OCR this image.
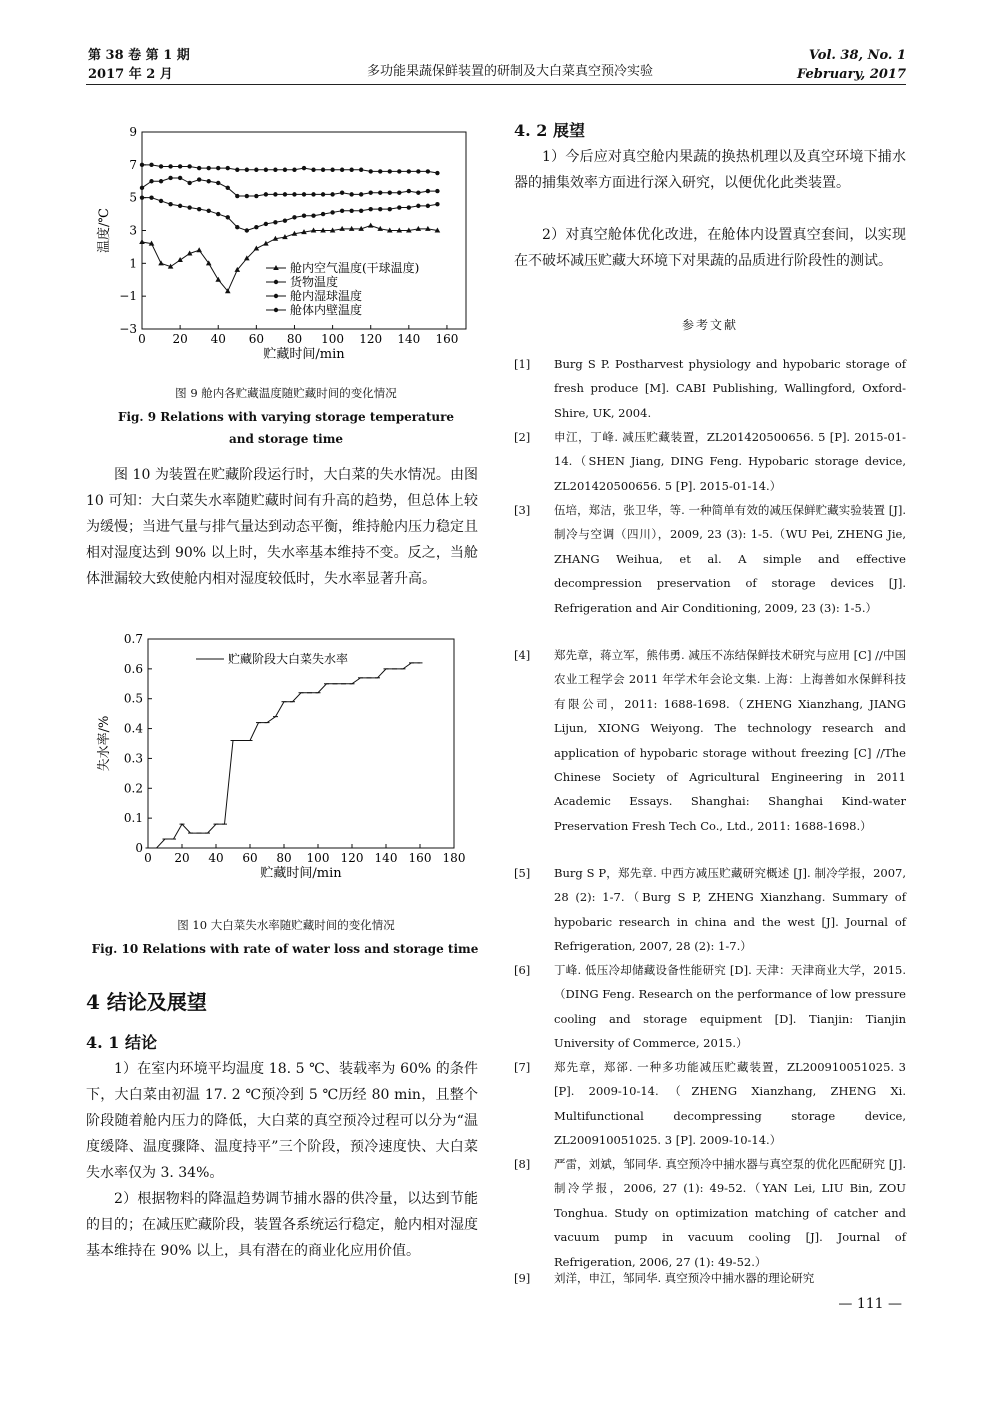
第 38 卷 第 1 期
2017 年 2 月	多功能果蔬保鲜装置的研制及大白菜真空预冷实验
Vol. 38, No. 1
February, 2017
0 20 40 60 80 100 120 140 160
9
7
5
3
1
−1
−3
贮藏时间/min
温度/℃
舱内空气温度(干球温度)
货物温度
舱内湿球温度
舱体内壁温度
图 9 舱内各贮藏温度随贮藏时间的变化情况
Fig. 9 Relations with varying storage temperature
and storage time

图 10 为装置在贮藏阶段运行时，大白菜的失水情况。由图 10 可知：大白菜失水率随贮藏时间有升高的趋势，但总体上较为缓慢；当进气量与排气量达到动态平衡，维持舱内压力稳定且相对湿度达到 90% 以上时，失水率基本维持不变。反之，当舱体泄漏较大致使舱内相对湿度较低时，失水率显著升高。

0 20 40 60 80 100 120 140 160 180
0.7
0.6
0.5
0.4
0.3
0.2
0.1
0
贮藏时间/min
失水率/%
贮藏阶段大白菜失水率
图 10 大白菜失水率随贮藏时间的变化情况
Fig. 10 Relations with rate of water loss and storage time
4 结论及展望
4. 1 结论

1）在室内环境平均温度 18. 5 ℃、装载率为 60% 的条件下，大白菜由初温 17. 2 ℃预冷到 5 ℃历经 80 min，且整个阶段随着舱内压力的降低，大白菜的真空预冷过程可以分为“温度缓降、温度骤降、温度持平”三个阶段，预冷速度快、大白菜失水率仅为 3. 34%。

2）根据物料的降温趋势调节捕水器的供冷量，以达到节能的目的；在减压贮藏阶段，装置各系统运行稳定，舱内相对湿度基本维持在 90% 以上，具有潜在的商业化应用价值。

4. 2 展望

1）今后应对真空舱内果蔬的换热机理以及真空环境下捕水器的捕集效率方面进行深入研究，以便优化此类装置。

2）对真空舱体优化改进，在舱体内设置真空套间，以实现在不破坏减压贮藏大环境下对果蔬的品质进行阶段性的测试。

参考文献
[1] Burg S P. Postharvest physiology and hypobaric storage of fresh produce [M]. CABI Publishing, Wallingford, Oxford-Shire, UK, 2004.
[2] 申江，丁峰. 减压贮藏装置，ZL201420500656. 5 [P]. 2015-01-14.（SHEN Jiang, DING Feng. Hypobaric storage device, ZL201420500656. 5 [P]. 2015-01-14.）
[3] 伍培，郑洁，张卫华，等. 一种简单有效的减压保鲜贮藏实验装置 [J]. 制冷与空调（四川），2009, 23 (3): 1-5.（WU Pei, ZHENG Jie, ZHANG Weihua, et al. A simple and effective decompression preservation of storage devices [J]. Refrigeration and Air Conditioning, 2009, 23 (3): 1-5.）
[4] 郑先章，蒋立军，熊伟勇. 减压不冻结保鲜技术研究与应用 [C] //中国农业工程学会 2011 年学术年会论文集. 上海：上海善如水保鲜科技有限公司，2011: 1688-1698.（ZHENG Xianzhang, JIANG Lijun, XIONG Weiyong. The technology research and application of hypobaric storage without freezing [C] //The Chinese Society of Agricultural Engineering in 2011 Academic Essays. Shanghai: Shanghai Kind-water Preservation Fresh Tech Co., Ltd., 2011: 1688-1698.）
[5] Burg S P，郑先章. 中西方减压贮藏研究概述 [J]. 制冷学报，2007, 28 (2): 1-7.（Burg S P, ZHENG Xianzhang. Summary of hypobaric research in china and the west [J]. Journal of Refrigeration, 2007, 28 (2): 1-7.）
[6] 丁峰. 低压冷却储藏设备性能研究 [D]. 天津：天津商业大学，2015.（DING Feng. Research on the performance of low pressure cooling and storage equipment [D]. Tianjin: Tianjin University of Commerce, 2015.）
[7] 郑先章，郑郤. 一种多功能减压贮藏装置，ZL200910051025. 3 [P]. 2009-10-14.（ZHENG Xianzhang, ZHENG Xi. Multifunctional decompressing storage device, ZL200910051025. 3 [P]. 2009-10-14.）
[8] 严雷，刘斌，邹同华. 真空预冷中捕水器与真空泵的优化匹配研究 [J]. 制冷学报，2006, 27 (1): 49-52.（YAN Lei, LIU Bin, ZOU Tonghua. Study on optimization matching of catcher and vacuum pump in vacuum cooling [J]. Journal of Refrigeration, 2006, 27 (1): 49-52.）
[9] 刘洋，申江，邹同华. 真空预冷中捕水器的理论研究
— 111 —
